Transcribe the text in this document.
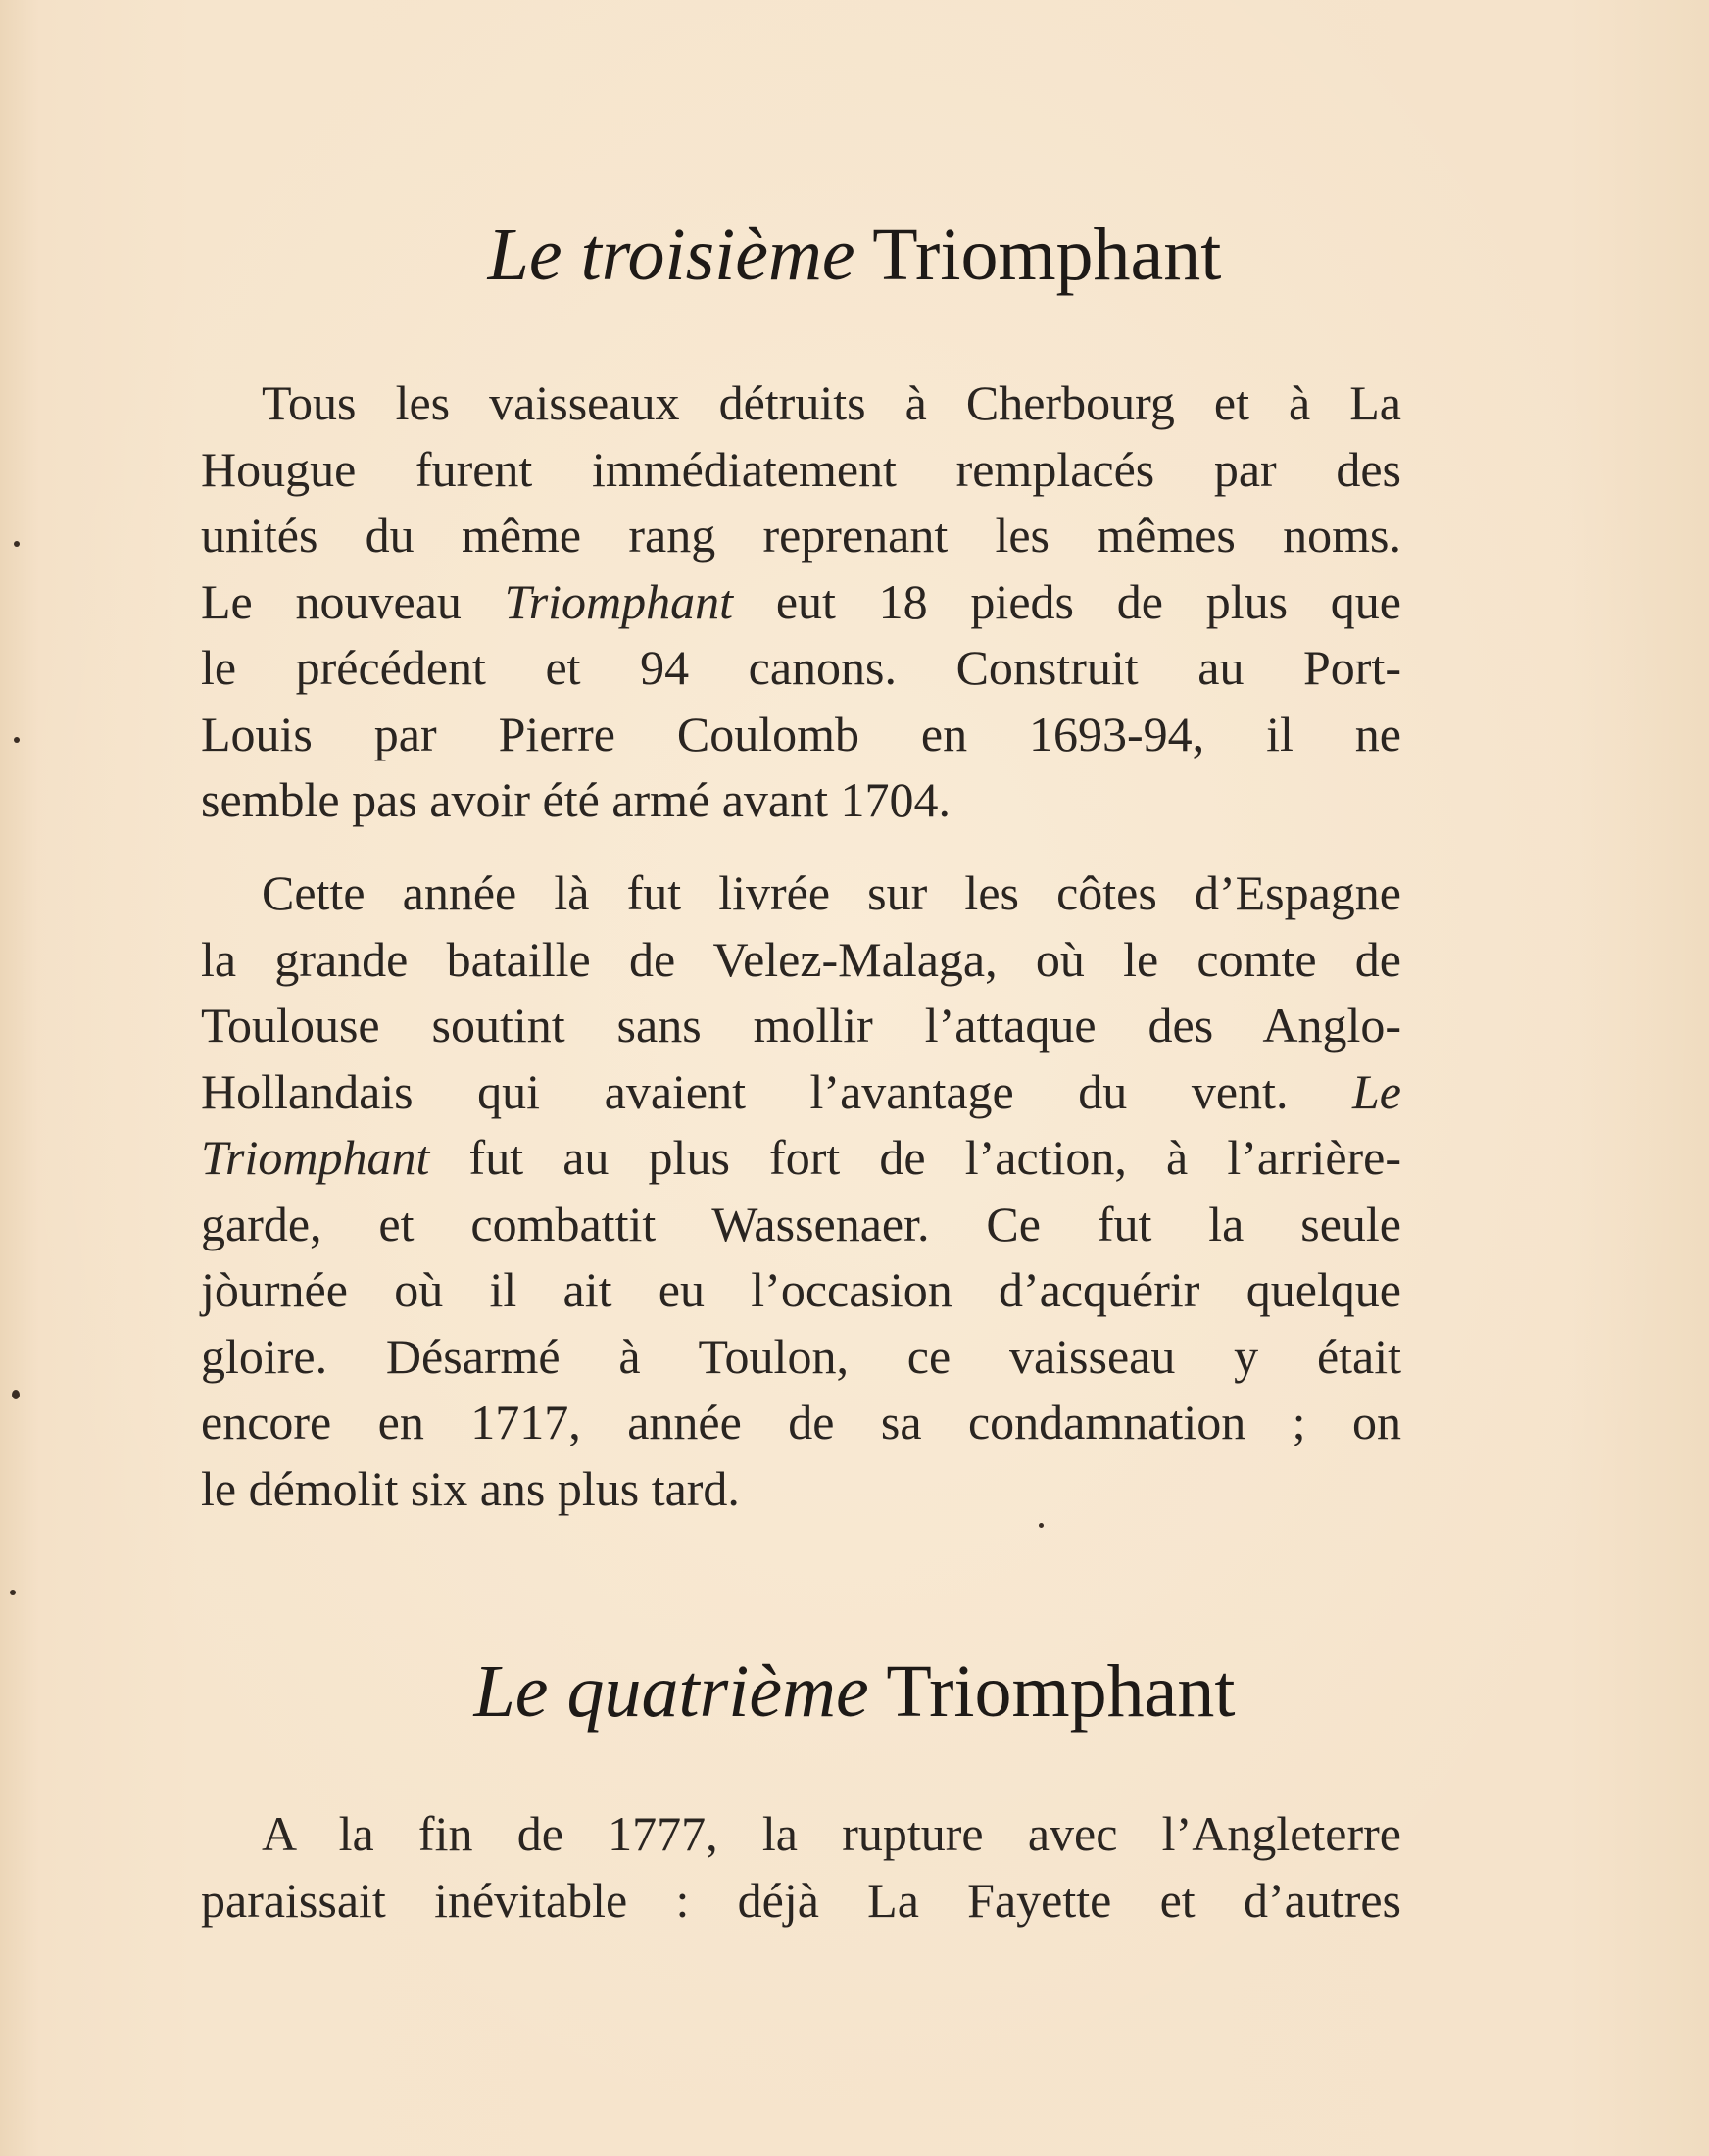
Le troisième Triomphant
Tous les vaisseaux détruits à Cherbourg et à La
Hougue furent immédiatement remplacés par des
unités du même rang reprenant les mêmes noms.
Le nouveau Triomphant eut 18 pieds de plus que
le précédent et 94 canons. Construit au Port-
Louis par Pierre Coulomb en 1693-94, il ne
semble pas avoir été armé avant 1704.
Cette année là fut livrée sur les côtes d’Espagne
la grande bataille de Velez-Malaga, où le comte de
Toulouse soutint sans mollir l’attaque des Anglo-
Hollandais qui avaient l’avantage du vent. Le
Triomphant fut au plus fort de l’action, à l’arrière-
garde, et combattit Wassenaer. Ce fut la seule
jòurnée où il ait eu l’occasion d’acquérir quelque
gloire. Désarmé à Toulon, ce vaisseau y était
encore en 1717, année de sa condamnation ; on
le démolit six ans plus tard.
Le quatrième Triomphant
A la fin de 1777, la rupture avec l’Angleterre
paraissait inévitable : déjà La Fayette et d’autres
